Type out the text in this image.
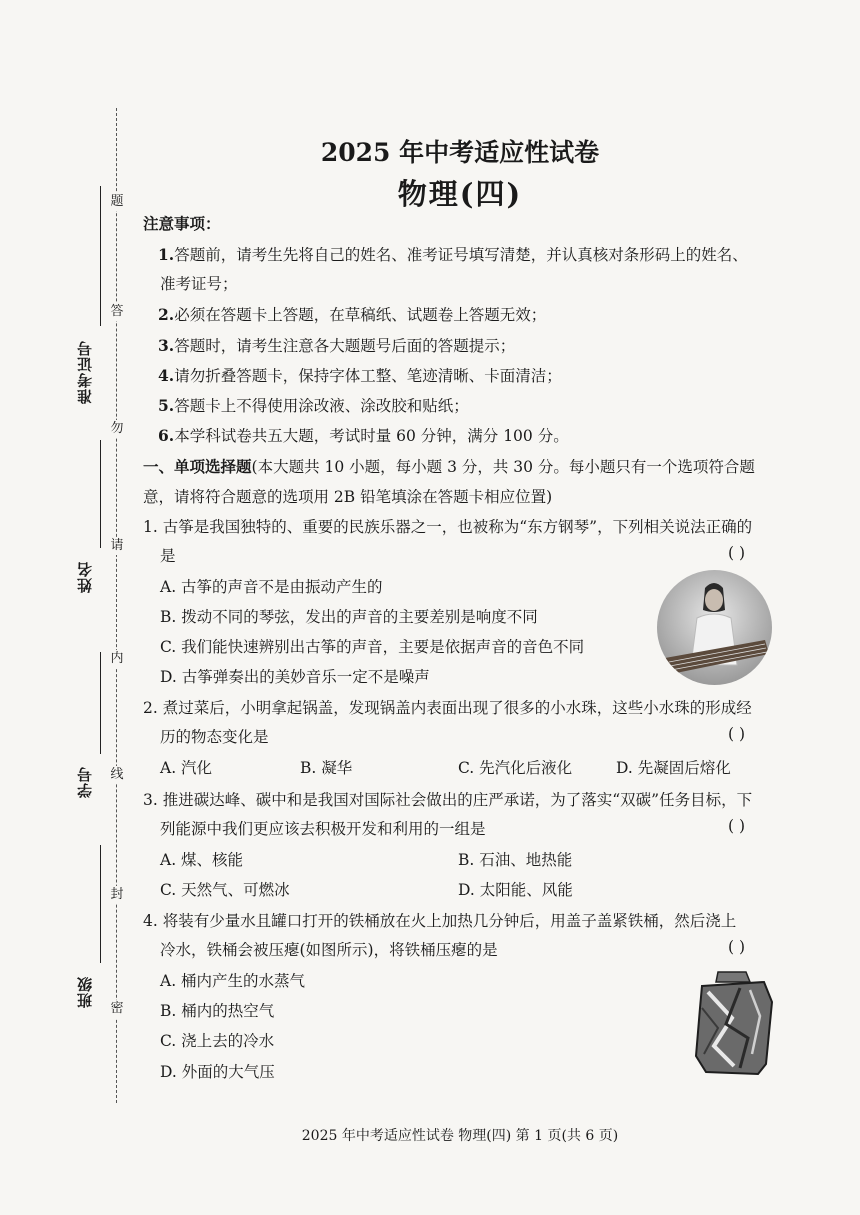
题
答
勿
请
内
线
封
密
准考证号
姓名
学号
班级
2025 年中考适应性试卷
物理(四)
注意事项：
1.答题前，请考生先将自己的姓名、准考证号填写清楚，并认真核对条形码上的姓名、
准考证号；
2.必须在答题卡上答题，在草稿纸、试题卷上答题无效；
3.答题时，请考生注意各大题题号后面的答题提示；
4.请勿折叠答题卡，保持字体工整、笔迹清晰、卡面清洁；
5.答题卡上不得使用涂改液、涂改胶和贴纸；
6.本学科试卷共五大题，考试时量 60 分钟，满分 100 分。
一、单项选择题(本大题共 10 小题，每小题 3 分，共 30 分。每小题只有一个选项符合题
意，请将符合题意的选项用 2B 铅笔填涂在答题卡相应位置)
1. 古筝是我国独特的、重要的民族乐器之一，也被称为“东方钢琴”，下列相关说法正确的
是	( )
A. 古筝的声音不是由振动产生的
B. 拨动不同的琴弦，发出的声音的主要差别是响度不同
C. 我们能快速辨别出古筝的声音，主要是依据声音的音色不同
D. 古筝弹奏出的美妙音乐一定不是噪声
2. 煮过菜后，小明拿起锅盖，发现锅盖内表面出现了很多的小水珠，这些小水珠的形成经
历的物态变化是	( )
A. 汽化	B. 凝华	C. 先汽化后液化	D. 先凝固后熔化
3. 推进碳达峰、碳中和是我国对国际社会做出的庄严承诺，为了落实“双碳”任务目标，下
列能源中我们更应该去积极开发和利用的一组是	( )
A. 煤、核能	B. 石油、地热能
C. 天然气、可燃冰	D. 太阳能、风能
4. 将装有少量水且罐口打开的铁桶放在火上加热几分钟后，用盖子盖紧铁桶，然后浇上
冷水，铁桶会被压瘪(如图所示)，将铁桶压瘪的是	( )
A. 桶内产生的水蒸气
B. 桶内的热空气
C. 浇上去的冷水
D. 外面的大气压
2025 年中考适应性试卷 物理(四) 第 1 页(共 6 页)
